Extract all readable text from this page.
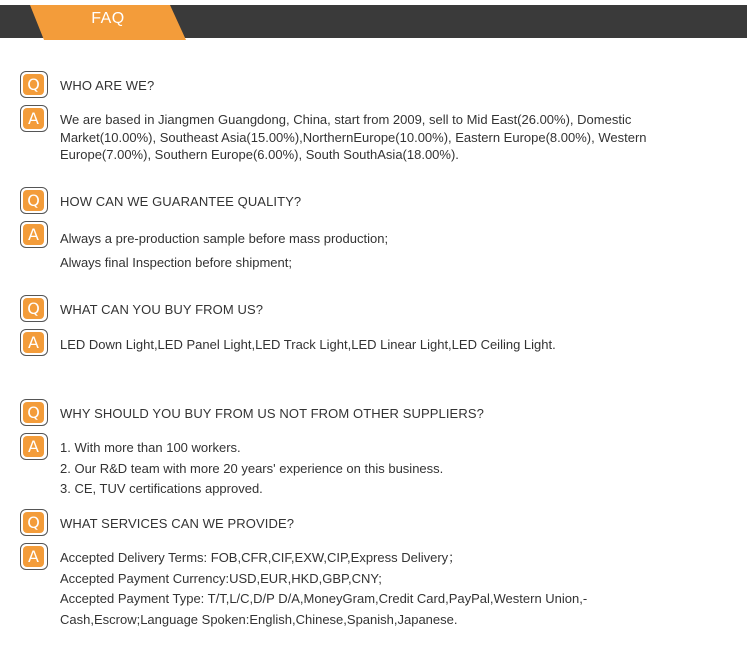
FAQ
Q	WHO ARE WE?
A	We are based in Jiangmen Guangdong, China, start from 2009, sell to Mid East(26.00%), Domestic
Market(10.00%), Southeast Asia(15.00%),NorthernEurope(10.00%), Eastern Europe(8.00%), Western
Europe(7.00%), Southern Europe(6.00%), South SouthAsia(18.00%).
Q	HOW CAN WE GUARANTEE QUALITY?
A	Always a pre-production sample before mass production;
Always final Inspection before shipment;
Q	WHAT CAN YOU BUY FROM US?
A	LED Down Light,LED Panel Light,LED Track Light,LED Linear Light,LED Ceiling Light.
Q	WHY SHOULD YOU BUY FROM US NOT FROM OTHER SUPPLIERS?
A	1. With more than 100 workers.
2. Our R&D team with more 20 years' experience on this business.
3. CE, TUV certifications approved.
Q	WHAT SERVICES CAN WE PROVIDE?
A	Accepted Delivery Terms: FOB,CFR,CIF,EXW,CIP,Express Delivery；
Accepted Payment Currency:USD,EUR,HKD,GBP,CNY;
Accepted Payment Type: T/T,L/C,D/P D/A,MoneyGram,Credit Card,PayPal,Western Union,-
Cash,Escrow;Language Spoken:English,Chinese,Spanish,Japanese.
